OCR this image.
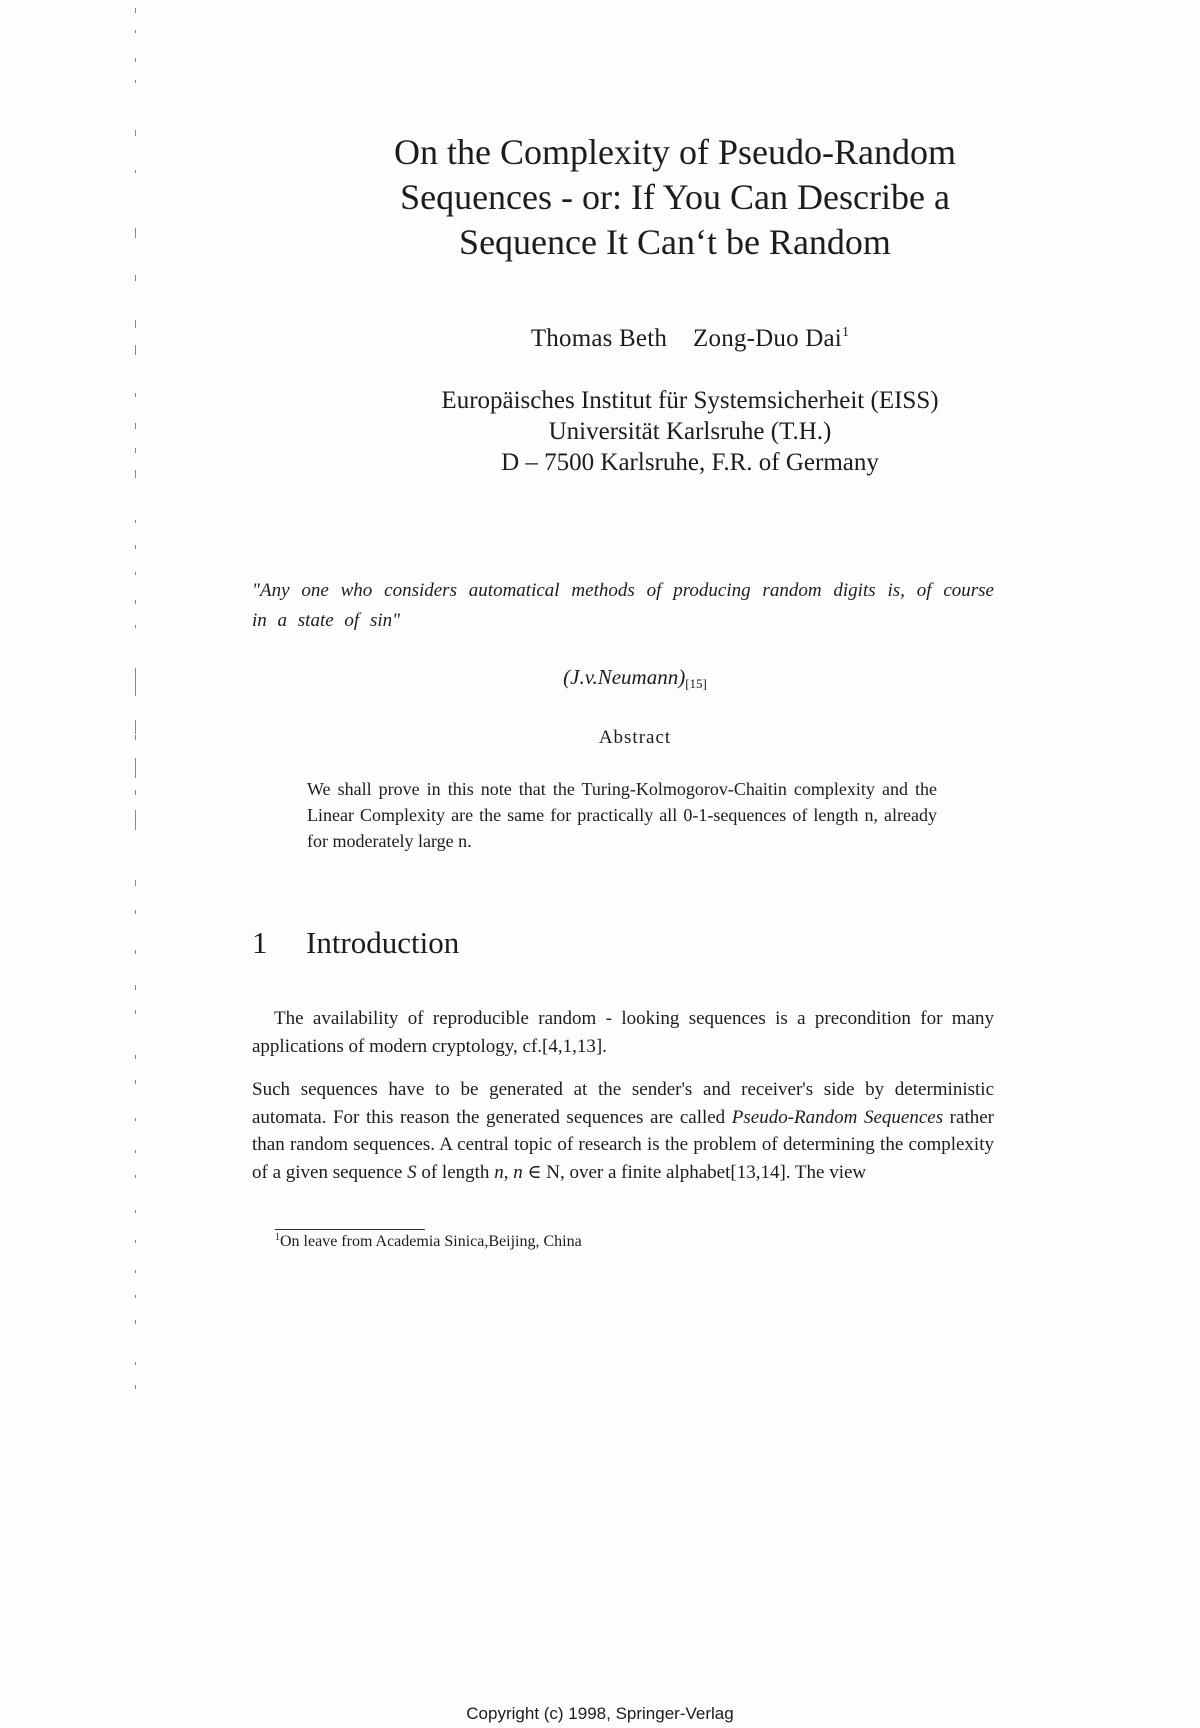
On the Complexity of Pseudo-Random
Sequences - or: If You Can Describe a
Sequence It Can‘t be Random
Thomas Beth Zong-Duo Dai$^1$
Europäisches Institut für Systemsicherheit (EISS)
Universität Karlsruhe (T.H.)
D – 7500 Karlsruhe, F.R. of Germany
"Any one who considers automatical methods of producing random digits is, of course in a state of sin"
$(J.v.Neumann)_{[15]}$
Abstract
We shall prove in this note that the Turing-Kolmogorov-Chaitin complexity and the Linear Complexity are the same for practically all 0-1-sequences of length n, already for moderately large n.
1 Introduction

The availability of reproducible random - looking sequences is a precondition for many applications of modern cryptology, cf.[4,1,13].

Such sequences have to be generated at the sender's and receiver's side by deterministic automata. For this reason the generated sequences are called Pseudo-Random Sequences rather than random sequences. A central topic of research is the problem of determining the complexity of a given sequence S of length n, n ∈ N, over a finite alphabet[13,14]. The view

$^1$On leave from Academia Sinica,Beijing, China
Copyright (c) 1998, Springer-Verlag
